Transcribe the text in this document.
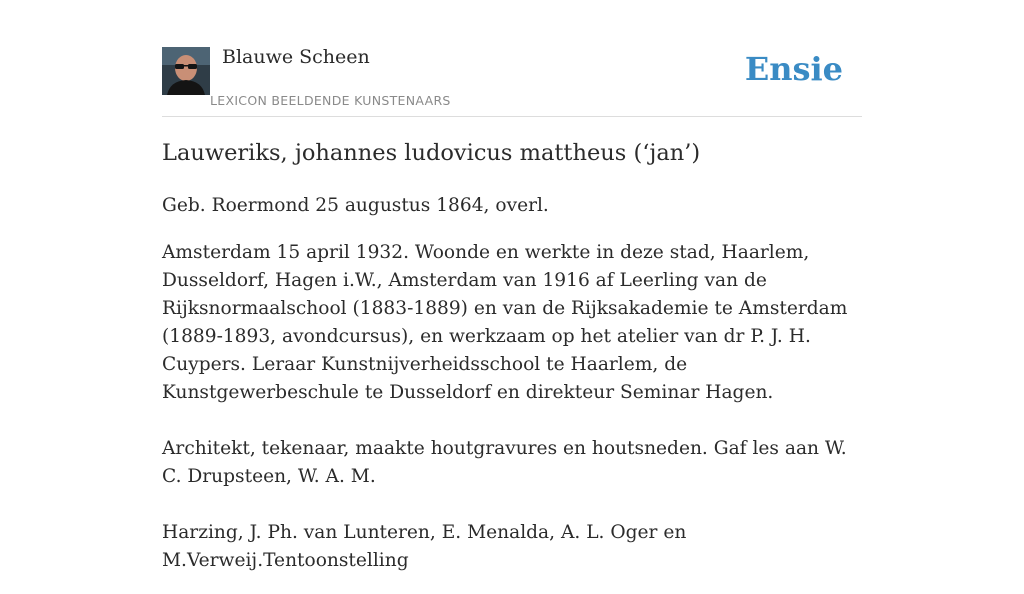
Blauwe Scheen
LEXICON BEELDENDE KUNSTENAARS
Ensie
Lauweriks, johannes ludovicus mattheus (‘jan’)

Geb. Roermond 25 augustus 1864, overl.

Amsterdam 15 april 1932. Woonde en werkte in deze stad, Haarlem, Dusseldorf, Hagen i.W., Amsterdam van 1916 af Leerling van de Rijksnormaalschool (1883-1889) en van de Rijksakademie te Amsterdam (1889-1893, avondcursus), en werkzaam op het atelier van dr P. J. H. Cuypers. Leraar Kunstnijverheidsschool te Haarlem, de Kunstgewerbeschule te Dusseldorf en direkteur Seminar Hagen.

Architekt, tekenaar, maakte houtgravures en houtsneden. Gaf les aan W. C. Drupsteen, W. A. M.

Harzing, J. Ph. van Lunteren, E. Menalda, A. L. Oger en M.Verweij.Tentoonstelling
